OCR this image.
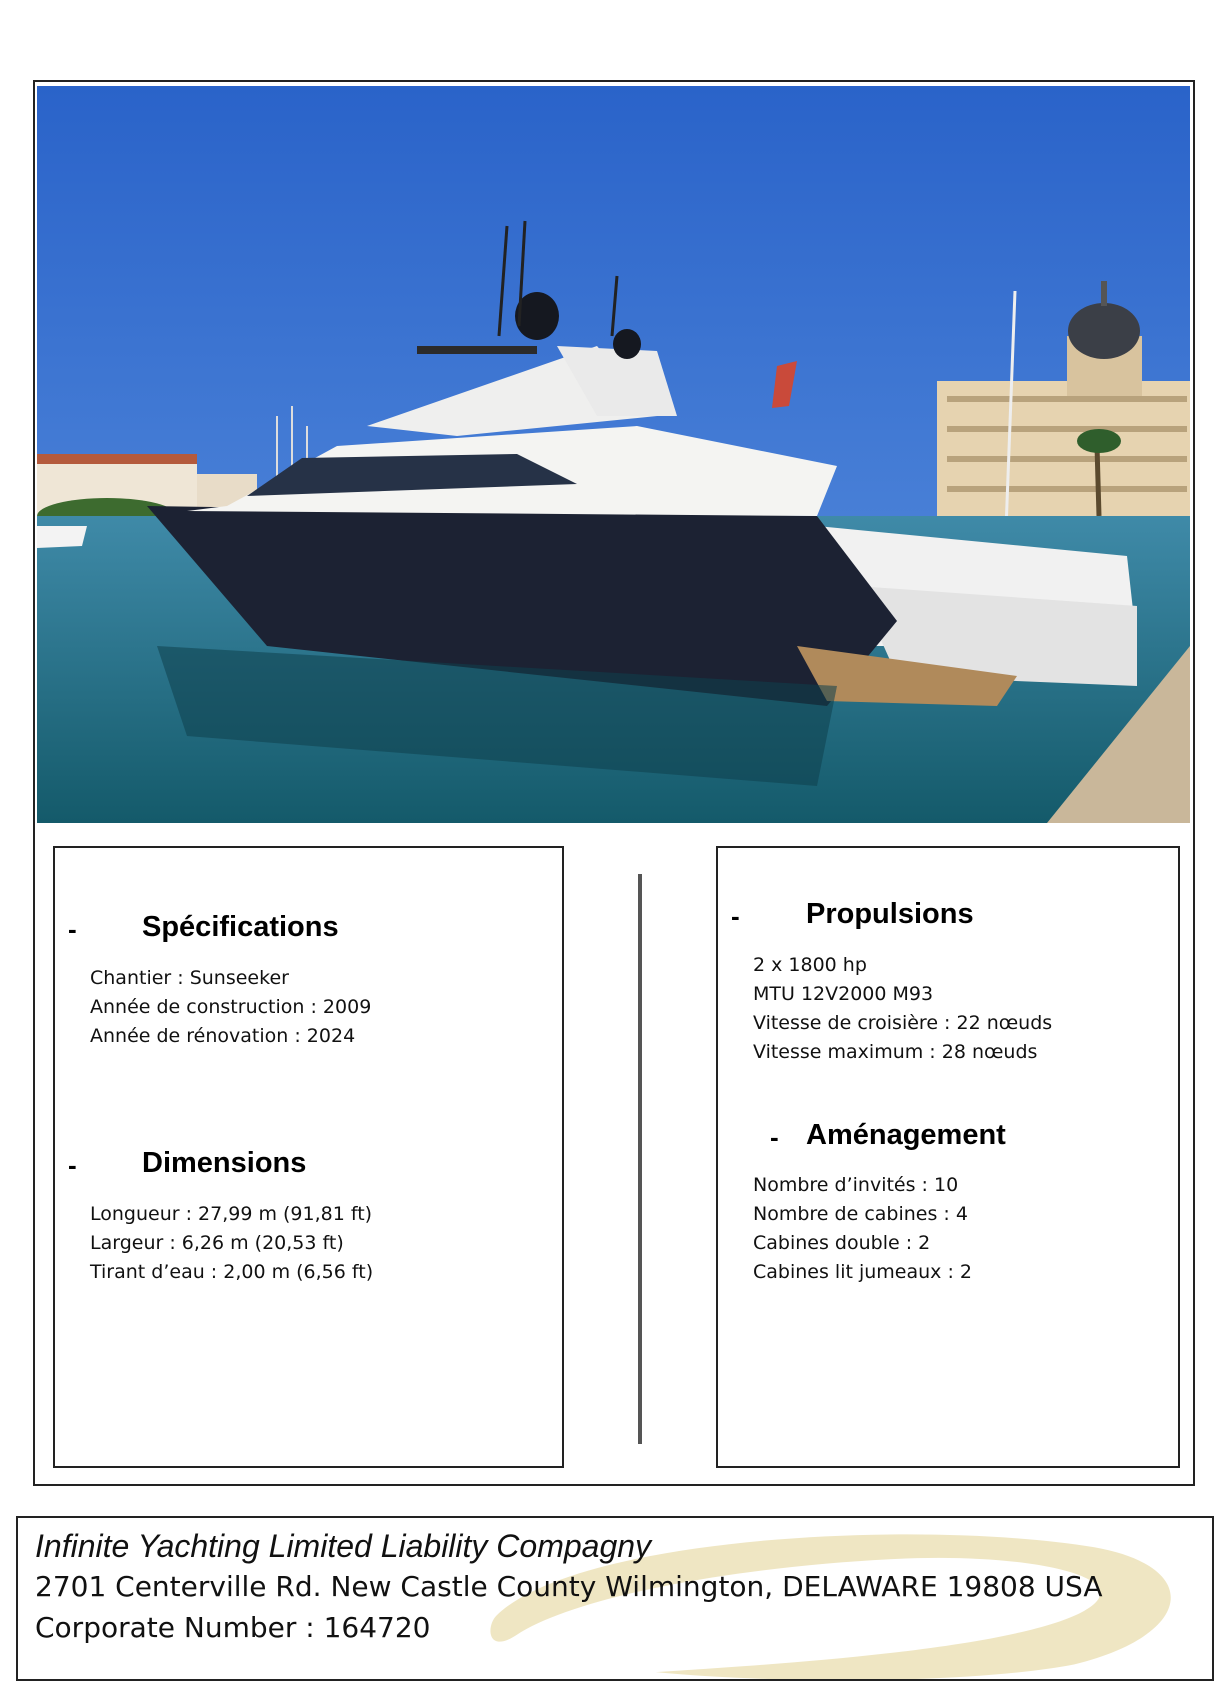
- Spécifications
Chantier : Sunseeker
Année de construction : 2009
Année de rénovation : 2024
- Dimensions
Longueur : 27,99 m (91,81 ft)
Largeur : 6,26 m (20,53 ft)
Tirant d’eau : 2,00 m (6,56 ft)
- Propulsions
2 x 1800 hp
MTU 12V2000 M93
Vitesse de croisière : 22 nœuds
Vitesse maximum : 28 nœuds
- Aménagement
Nombre d’invités : 10
Nombre de cabines : 4
Cabines double : 2
Cabines lit jumeaux : 2
Infinite Yachting Limited Liability Compagny
2701 Centerville Rd. New Castle County Wilmington, DELAWARE 19808 USA
Corporate Number : 164720
